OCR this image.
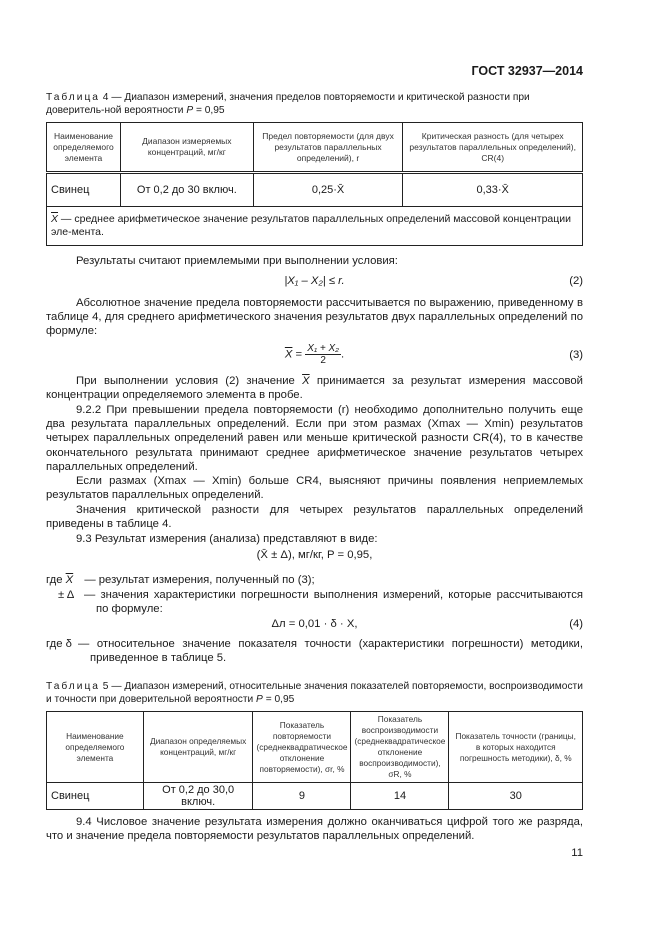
ГОСТ 32937—2014
Таблица 4 — Диапазон измерений, значения пределов повторяемости и критической разности при доверитель-ной вероятности P = 0,95
Наименование определяемого элемента	Диапазон измеряемых концентраций, мг/кг	Предел повторяемости (для двух результатов параллельных определений), r	Критическая разность (для четырех результатов параллельных определений), CR(4)
Свинец	От 0,2 до 30 включ.	0,25·X̄	0,33·X̄
$\overline{X}$ — среднее арифметическое значение результатов параллельных определений массовой концентрации эле-мента.			
Результаты считают приемлемыми при выполнении условия:
|X₁ – X₂| ≤ r.	(2)
Абсолютное значение предела повторяемости рассчитывается по выражению, приведенному в таблице 4, для среднего арифметического значения результатов двух параллельных определений по формуле:
$\overline{X} = \frac{\text{X₁ + X₂}}{2}$ .	(3)
При выполнении условия (2) значение $\overline{X}$ принимается за результат измерения массовой концентрации определяемого элемента в пробе.
9.2.2 При превышении предела повторяемости (r) необходимо дополнительно получить еще два результата параллельных определений. Если при этом размах (Xmax — Xmin) результатов четырех параллельных определений равен или меньше критической разности CR(4), то в качестве окончательного результата принимают среднее арифметическое значение результатов четырех параллельных определений.
Если размах (Xmax — Xmin) больше CR4, выясняют причины появления неприемлемых результатов параллельных определений.
Значения критической разности для четырех результатов параллельных определений приведены в таблице 4.
9.3 Результат измерения (анализа) представляют в виде:
(X̄ ± Δ), мг/кг, P = 0,95,
где $\overline{X}$ — результат измерения, полученный по (3);
± Δ — значения характеристики погрешности выполнения измерений, которые рассчитываются по формуле:
Δл = 0,01 · δ · X,	(4)
где δ — относительное значение показателя точности (характеристики погрешности) методики, приведенное в таблице 5.
Таблица 5 — Диапазон измерений, относительные значения показателей повторяемости, воспроизводимости и точности при доверительной вероятности P = 0,95
Наименование определяемого элемента	Диапазон определяемых концентраций, мг/кг	Показатель повторяемости (среднеквадратическое отклонение повторяемости), σr, %	Показатель воспроизводимости (среднеквадратическое отклонение воспроизводимости), σR, %	Показатель точности (границы, в которых находится погрешность методики), δ, %
Свинец	От 0,2 до 30,0 включ.	9	14	30
9.4 Числовое значение результата измерения должно оканчиваться цифрой того же разряда, что и значение предела повторяемости результатов параллельных определений.
11
